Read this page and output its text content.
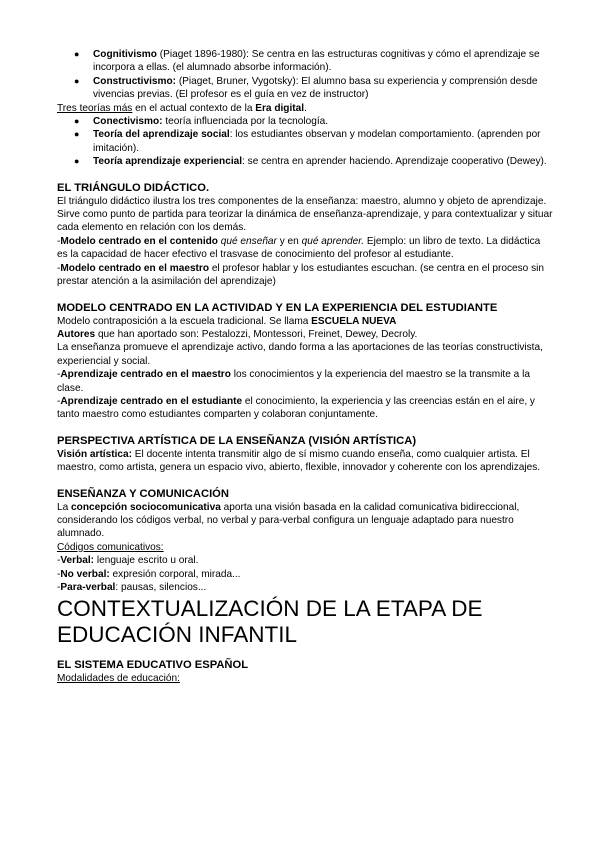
● Cognitivismo (Piaget 1896-1980): Se centra en las estructuras cognitivas y cómo el aprendizaje se incorpora a ellas. (el alumnado absorbe información).
● Constructivismo: (Piaget, Bruner, Vygotsky): El alumno basa su experiencia y comprensión desde vivencias previas. (El profesor es el guía en vez de instructor)

Tres teorías más en el actual contexto de la Era digital.

● Conectivismo: teoría influenciada por la tecnología.
● Teoría del aprendizaje social: los estudiantes observan y modelan comportamiento. (aprenden por imitación).
● Teoría aprendizaje experiencial: se centra en aprender haciendo. Aprendizaje cooperativo (Dewey).
EL TRIÁNGULO DIDÁCTICO.

El triángulo didáctico ilustra los tres componentes de la enseñanza: maestro, alumno y objeto de aprendizaje.

Sirve como punto de partida para teorizar la dinámica de enseñanza-aprendizaje, y para contextualizar y situar cada elemento en relación con los demás.

-Modelo centrado en el contenido qué enseñar y en qué aprender. Ejemplo: un libro de texto. La didáctica es la capacidad de hacer efectivo el trasvase de conocimiento del profesor al estudiante.

-Modelo centrado en el maestro el profesor hablar y los estudiantes escuchan. (se centra en el proceso sin prestar atención a la asimilación del aprendizaje)

MODELO CENTRADO EN LA ACTIVIDAD Y EN LA EXPERIENCIA DEL ESTUDIANTE

Modelo contraposición a la escuela tradicional. Se llama ESCUELA NUEVA

Autores que han aportado son: Pestalozzi, Montessori, Freinet, Dewey, Decroly.

La enseñanza promueve el aprendizaje activo, dando forma a las aportaciones de las teorías constructivista, experiencial y social.

-Aprendizaje centrado en el maestro los conocimientos y la experiencia del maestro se la transmite a la clase.

-Aprendizaje centrado en el estudiante el conocimiento, la experiencia y las creencias están en el aire, y tanto maestro como estudiantes comparten y colaboran conjuntamente.

PERSPECTIVA ARTÍSTICA DE LA ENSEÑANZA (VISIÓN ARTÍSTICA)

Visión artística: El docente intenta transmitir algo de sí mismo cuando enseña, como cualquier artista. El maestro, como artista, genera un espacio vivo, abierto, flexible, innovador y coherente con los aprendizajes.

ENSEÑANZA Y COMUNICACIÓN

La concepción sociocomunicativa aporta una visión basada en la calidad comunicativa bidireccional, considerando los códigos verbal, no verbal y para-verbal configura un lenguaje adaptado para nuestro alumnado.

Códigos comunicativos:

-Verbal: lenguaje escrito u oral.

-No verbal: expresión corporal, mirada...

-Para-verbal: pausas, silencios...

CONTEXTUALIZACIÓN DE LA ETAPA DE EDUCACIÓN INFANTIL

EL SISTEMA EDUCATIVO ESPAÑOL

Modalidades de educación:
